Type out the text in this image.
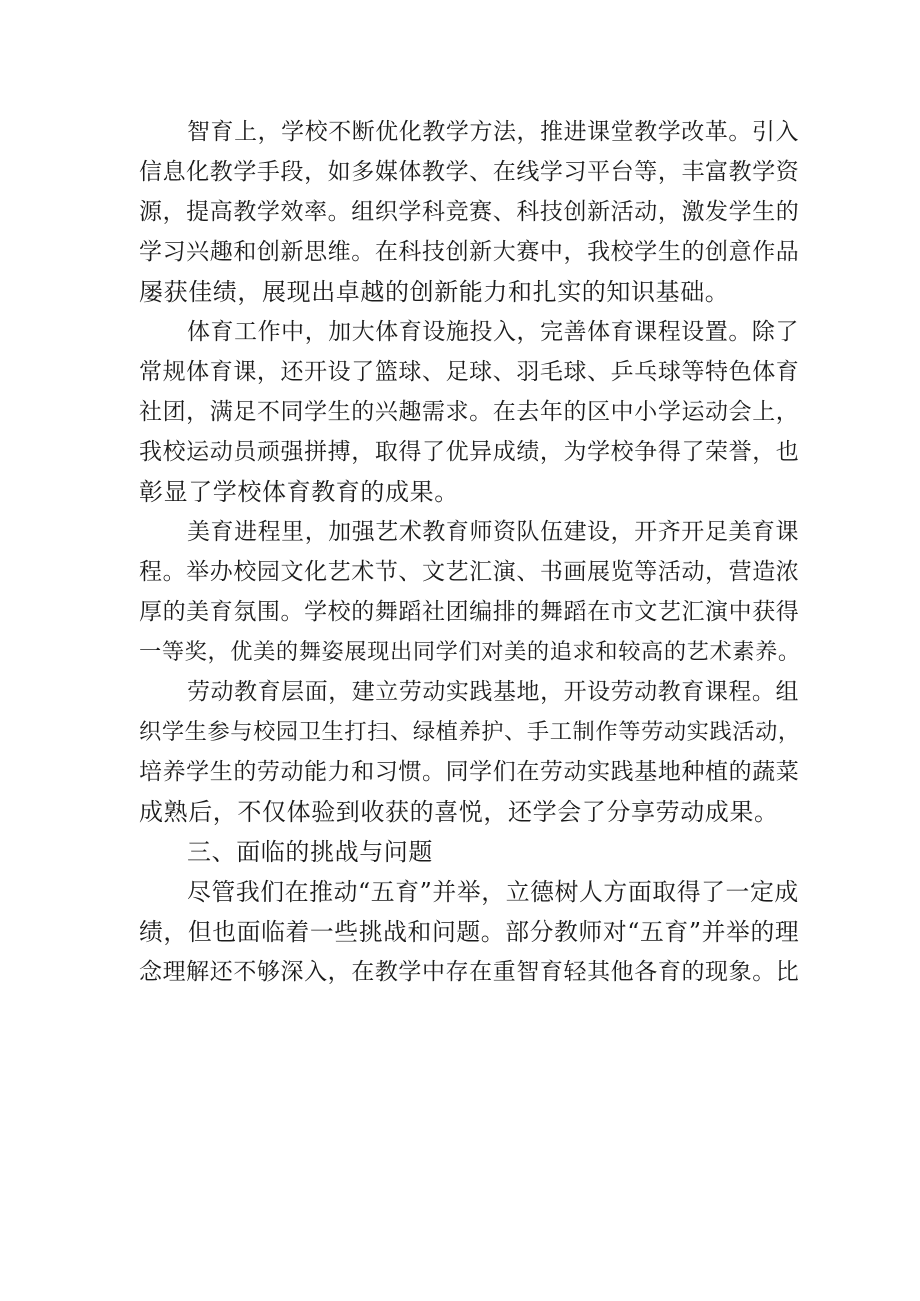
智育上，学校不断优化教学方法，推进课堂教学改革。引入
信息化教学手段，如多媒体教学、在线学习平台等，丰富教学资
源，提高教学效率。组织学科竞赛、科技创新活动，激发学生的
学习兴趣和创新思维。在科技创新大赛中，我校学生的创意作品
屡获佳绩，展现出卓越的创新能力和扎实的知识基础。
体育工作中，加大体育设施投入，完善体育课程设置。除了
常规体育课，还开设了篮球、足球、羽毛球、乒乓球等特色体育
社团，满足不同学生的兴趣需求。在去年的区中小学运动会上，
我校运动员顽强拼搏，取得了优异成绩，为学校争得了荣誉，也
彰显了学校体育教育的成果。
美育进程里，加强艺术教育师资队伍建设，开齐开足美育课
程。举办校园文化艺术节、文艺汇演、书画展览等活动，营造浓
厚的美育氛围。学校的舞蹈社团编排的舞蹈在市文艺汇演中获得
一等奖，优美的舞姿展现出同学们对美的追求和较高的艺术素养。
劳动教育层面，建立劳动实践基地，开设劳动教育课程。组
织学生参与校园卫生打扫、绿植养护、手工制作等劳动实践活动，
培养学生的劳动能力和习惯。同学们在劳动实践基地种植的蔬菜
成熟后，不仅体验到收获的喜悦，还学会了分享劳动成果。
三、面临的挑战与问题
尽管我们在推动“五育”并举，立德树人方面取得了一定成
绩，但也面临着一些挑战和问题。部分教师对“五育”并举的理
念理解还不够深入，在教学中存在重智育轻其他各育的现象。比
